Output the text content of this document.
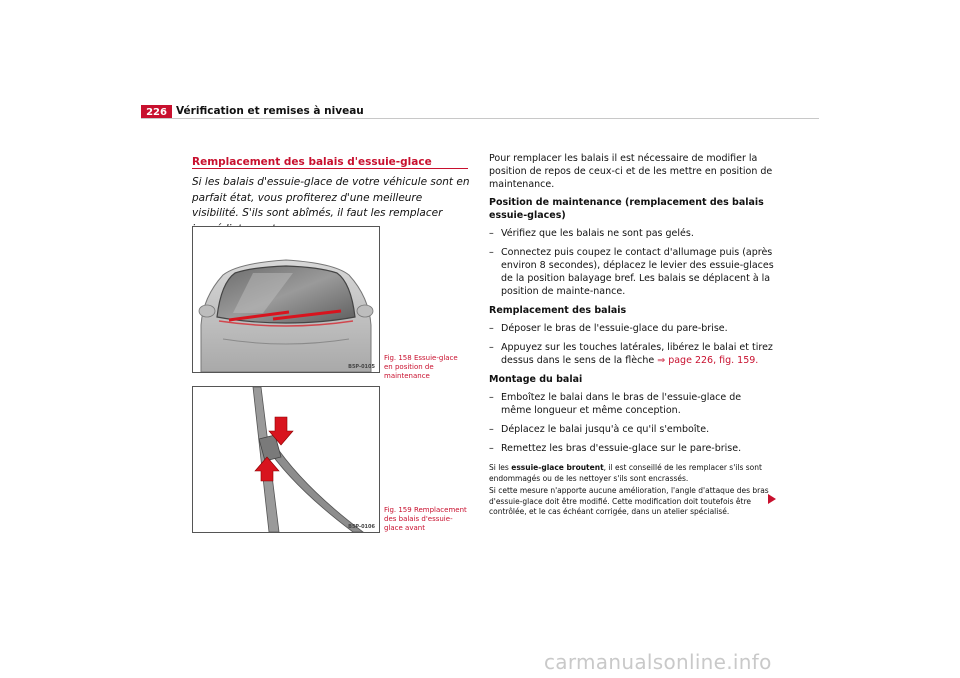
226 Vérification et remises à niveau
Remplacement des balais d'essuie-glace
Si les balais d'essuie-glace de votre véhicule sont en parfait état, vous profiterez d'une meilleure visibilité. S'ils sont abîmés, il faut les remplacer
B5P-0105
Fig. 158 Essuie-glace en position de maintenance
B5P-0106
Fig. 159 Remplacement des balais d'essuie-glace avant

Pour remplacer les balais il est nécessaire de modifier la position de repos de ceux-ci et de les mettre en position de maintenance.

Position de maintenance (remplacement des balais essuie-glaces)
– Vérifiez que les balais ne sont pas gelés.
– Connectez puis coupez le contact d'allumage puis (après environ 8 secondes), déplacez le levier des essuie-glaces de la position balayage bref. Les balais se déplacent à la position de mainte-nance.
Remplacement des balais
– Déposer le bras de l'essuie-glace du pare-brise.
– Appuyez sur les touches latérales, libérez le balai et tirez dessus dans le sens de la flèche ⇒ page 226, fig. 159.
Montage du balai
– Emboîtez le balai dans le bras de l'essuie-glace de même longueur et même conception.
– Déplacez le balai jusqu'à ce qu'il s'emboîte.
– Remettez les bras d'essuie-glace sur le pare-brise.

Si les essuie-glace broutent, il est conseillé de les remplacer s'ils sont endommagés ou de les nettoyer s'ils sont encrassés.

Si cette mesure n'apporte aucune amélioration, l'angle d'attaque des bras d'essuie-glace doit être modifié. Cette modification doit toutefois être contrôlée, et le cas échéant corrigée, dans un atelier spécialisé.

carmanualsonline.info
